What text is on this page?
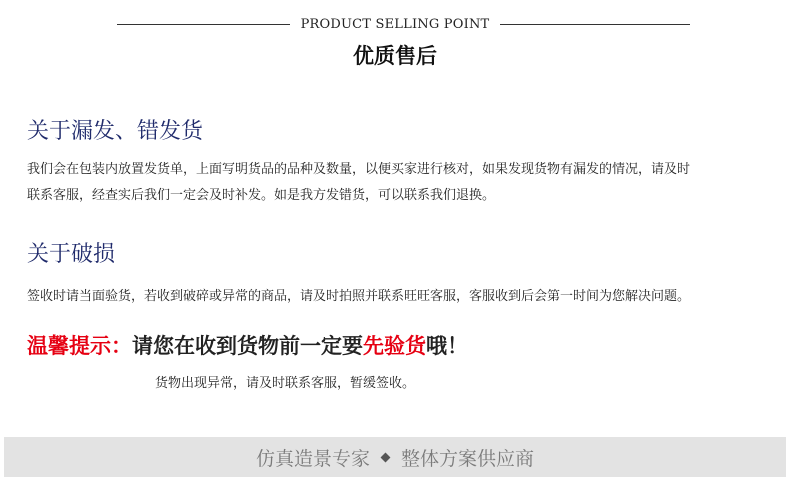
PRODUCT SELLING POINT
优质售后
关于漏发、错发货
我们会在包装内放置发货单，上面写明货品的品种及数量，以便买家进行核对，如果发现货物有漏发的情况，请及时
联系客服，经查实后我们一定会及时补发。如是我方发错货，可以联系我们退换。
关于破损
签收时请当面验货，若收到破碎或异常的商品，请及时拍照并联系旺旺客服，客服收到后会第一时间为您解决问题。
温馨提示：请您在收到货物前一定要先验货哦！
货物出现异常，请及时联系客服，暂缓签收。
仿真造景专家 整体方案供应商
